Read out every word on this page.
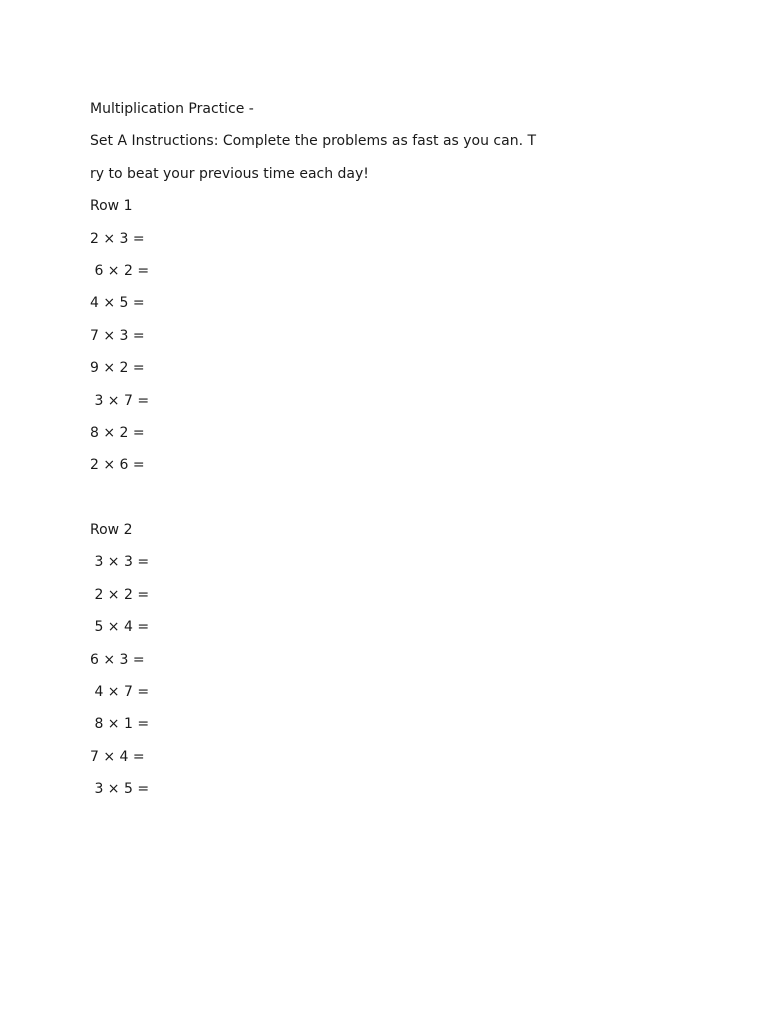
Multiplication Practice -
Set A Instructions: Complete the problems as fast as you can. T
ry to beat your previous time each day!
Row 1
2 × 3 =
6 × 2 =
4 × 5 =
7 × 3 =
9 × 2 =
3 × 7 =
8 × 2 =
2 × 6 =
Row 2
3 × 3 =
2 × 2 =
5 × 4 =
6 × 3 =
4 × 7 =
8 × 1 =
7 × 4 =
3 × 5 =
